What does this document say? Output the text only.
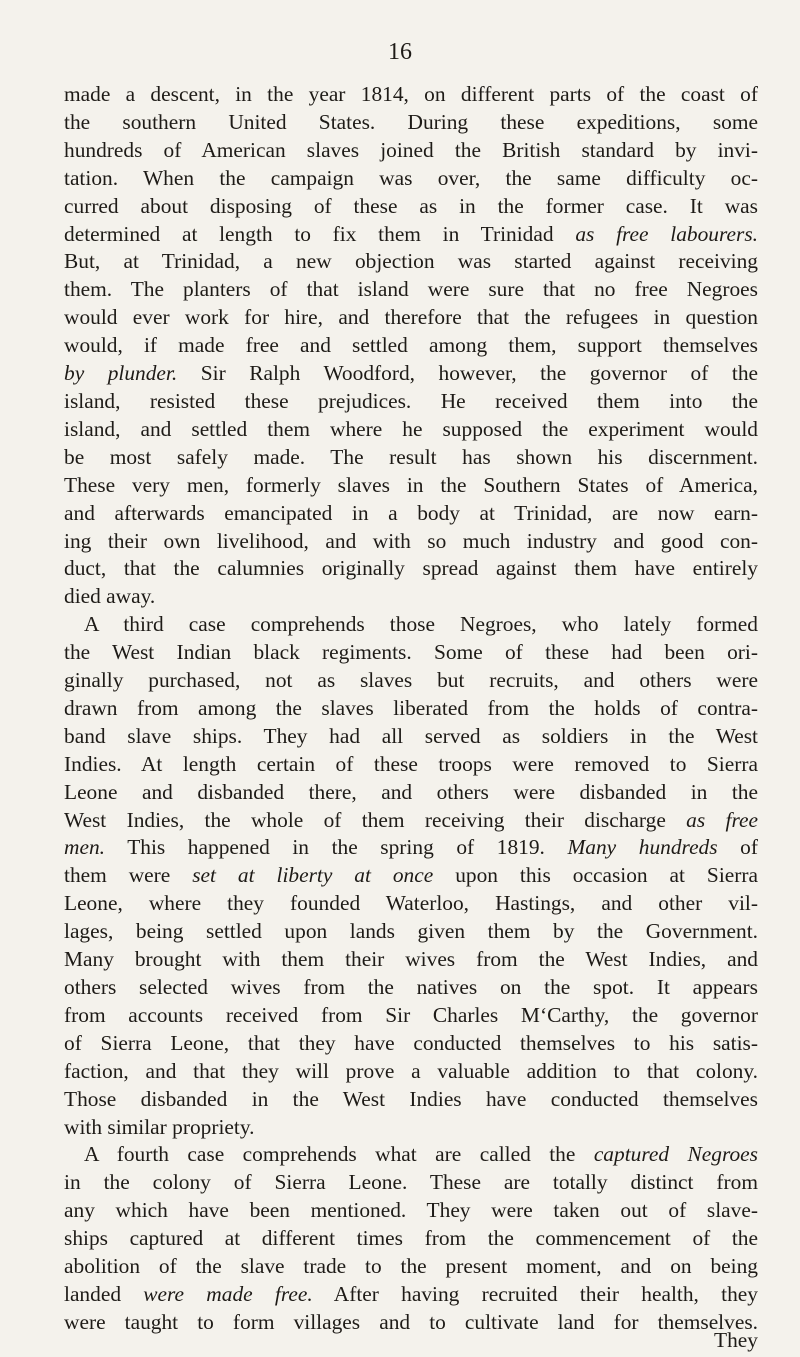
16
made a descent, in the year 1814, on different parts of the coast of
the southern United States. During these expeditions, some
hundreds of American slaves joined the British standard by invi-
tation. When the campaign was over, the same difficulty oc-
curred about disposing of these as in the former case. It was
determined at length to fix them in Trinidad as free labourers.
But, at Trinidad, a new objection was started against receiving
them. The planters of that island were sure that no free Negroes
would ever work for hire, and therefore that the refugees in question
would, if made free and settled among them, support themselves
by plunder. Sir Ralph Woodford, however, the governor of the
island, resisted these prejudices. He received them into the
island, and settled them where he supposed the experiment would
be most safely made. The result has shown his discernment.
These very men, formerly slaves in the Southern States of America,
and afterwards emancipated in a body at Trinidad, are now earn-
ing their own livelihood, and with so much industry and good con-
duct, that the calumnies originally spread against them have entirely
died away.
A third case comprehends those Negroes, who lately formed
the West Indian black regiments. Some of these had been ori-
ginally purchased, not as slaves but recruits, and others were
drawn from among the slaves liberated from the holds of contra-
band slave ships. They had all served as soldiers in the West
Indies. At length certain of these troops were removed to Sierra
Leone and disbanded there, and others were disbanded in the
West Indies, the whole of them receiving their discharge as free
men. This happened in the spring of 1819. Many hundreds of
them were set at liberty at once upon this occasion at Sierra
Leone, where they founded Waterloo, Hastings, and other vil-
lages, being settled upon lands given them by the Government.
Many brought with them their wives from the West Indies, and
others selected wives from the natives on the spot. It appears
from accounts received from Sir Charles M‘Carthy, the governor
of Sierra Leone, that they have conducted themselves to his satis-
faction, and that they will prove a valuable addition to that colony.
Those disbanded in the West Indies have conducted themselves
with similar propriety.
A fourth case comprehends what are called the captured Negroes
in the colony of Sierra Leone. These are totally distinct from
any which have been mentioned. They were taken out of slave-
ships captured at different times from the commencement of the
abolition of the slave trade to the present moment, and on being
landed were made free. After having recruited their health, they
were taught to form villages and to cultivate land for themselves.
They
